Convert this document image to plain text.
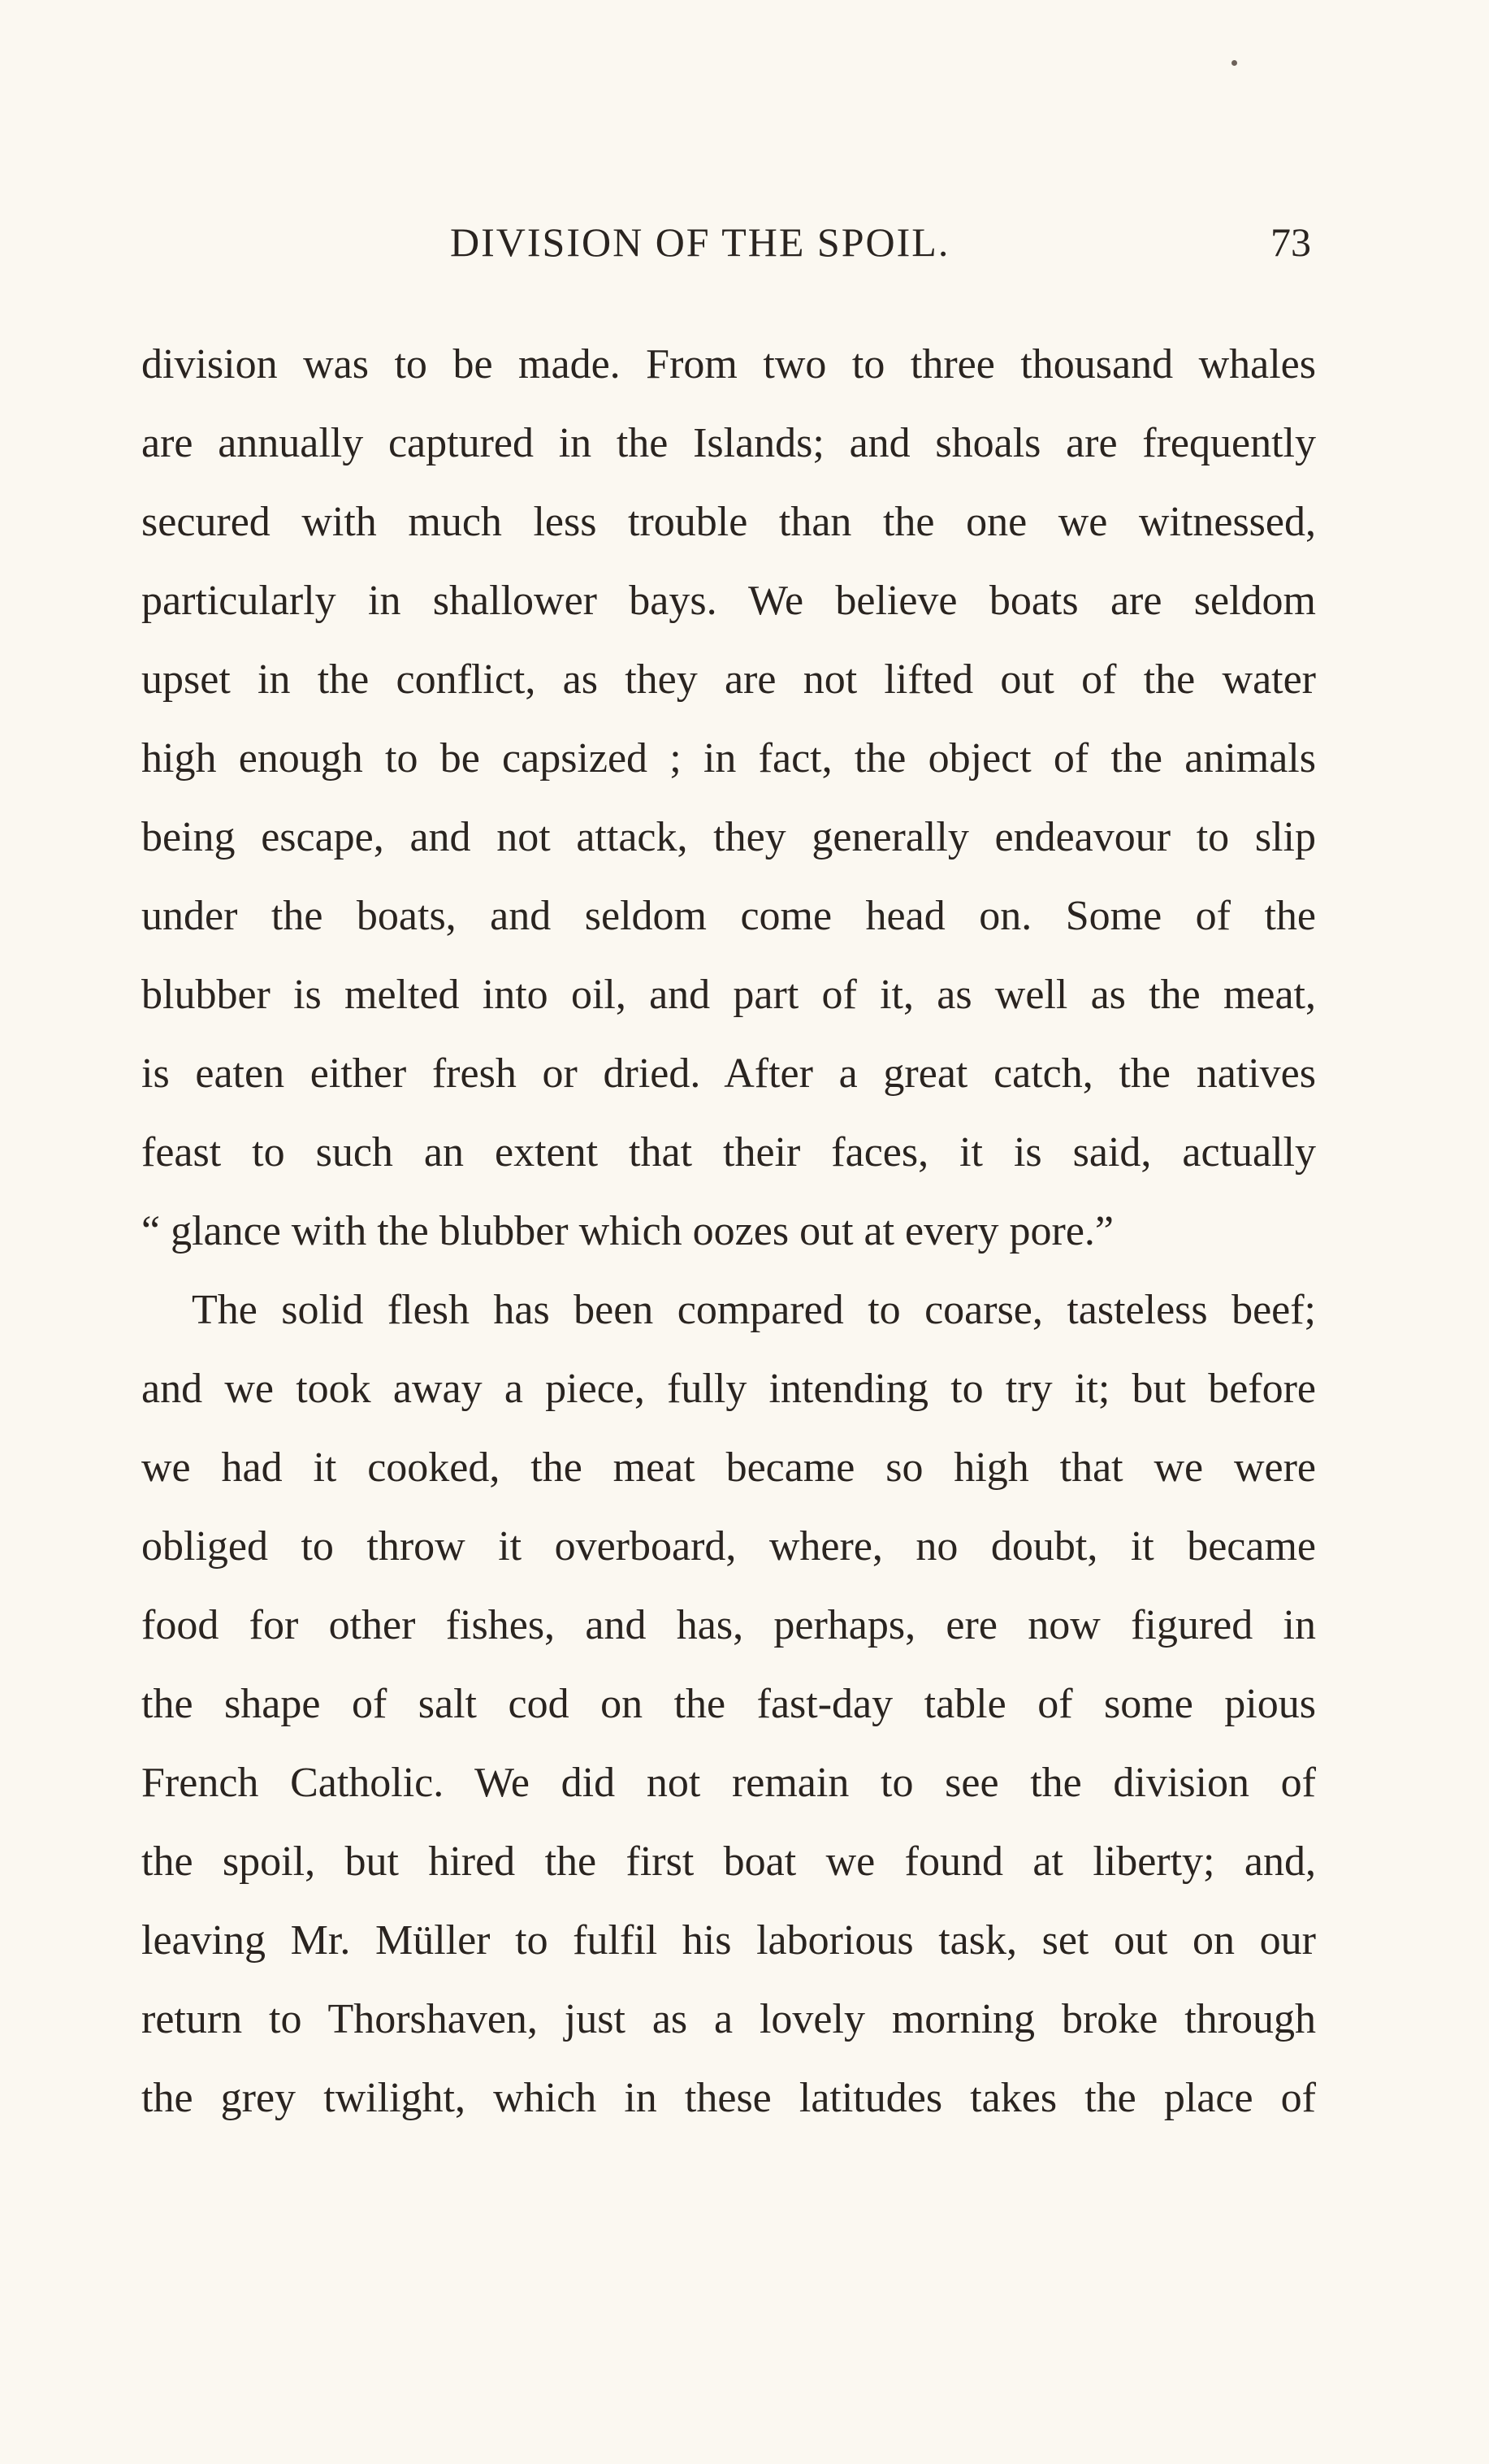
DIVISION OF THE SPOIL.	73
division was to be made. From two to three thousand whales
are annually captured in the Islands; and shoals are frequently
secured with much less trouble than the one we witnessed,
particularly in shallower bays. We believe boats are seldom
upset in the conflict, as they are not lifted out of the water
high enough to be capsized ; in fact, the object of the animals
being escape, and not attack, they generally endeavour to slip
under the boats, and seldom come head on. Some of the
blubber is melted into oil, and part of it, as well as the meat,
is eaten either fresh or dried. After a great catch, the natives
feast to such an extent that their faces, it is said, actually
“ glance with the blubber which oozes out at every pore.”
The solid flesh has been compared to coarse, tasteless beef;
and we took away a piece, fully intending to try it; but before
we had it cooked, the meat became so high that we were
obliged to throw it overboard, where, no doubt, it became
food for other fishes, and has, perhaps, ere now figured in
the shape of salt cod on the fast-day table of some pious
French Catholic. We did not remain to see the division of
the spoil, but hired the first boat we found at liberty; and,
leaving Mr. Müller to fulfil his laborious task, set out on our
return to Thorshaven, just as a lovely morning broke through
the grey twilight, which in these latitudes takes the place of
